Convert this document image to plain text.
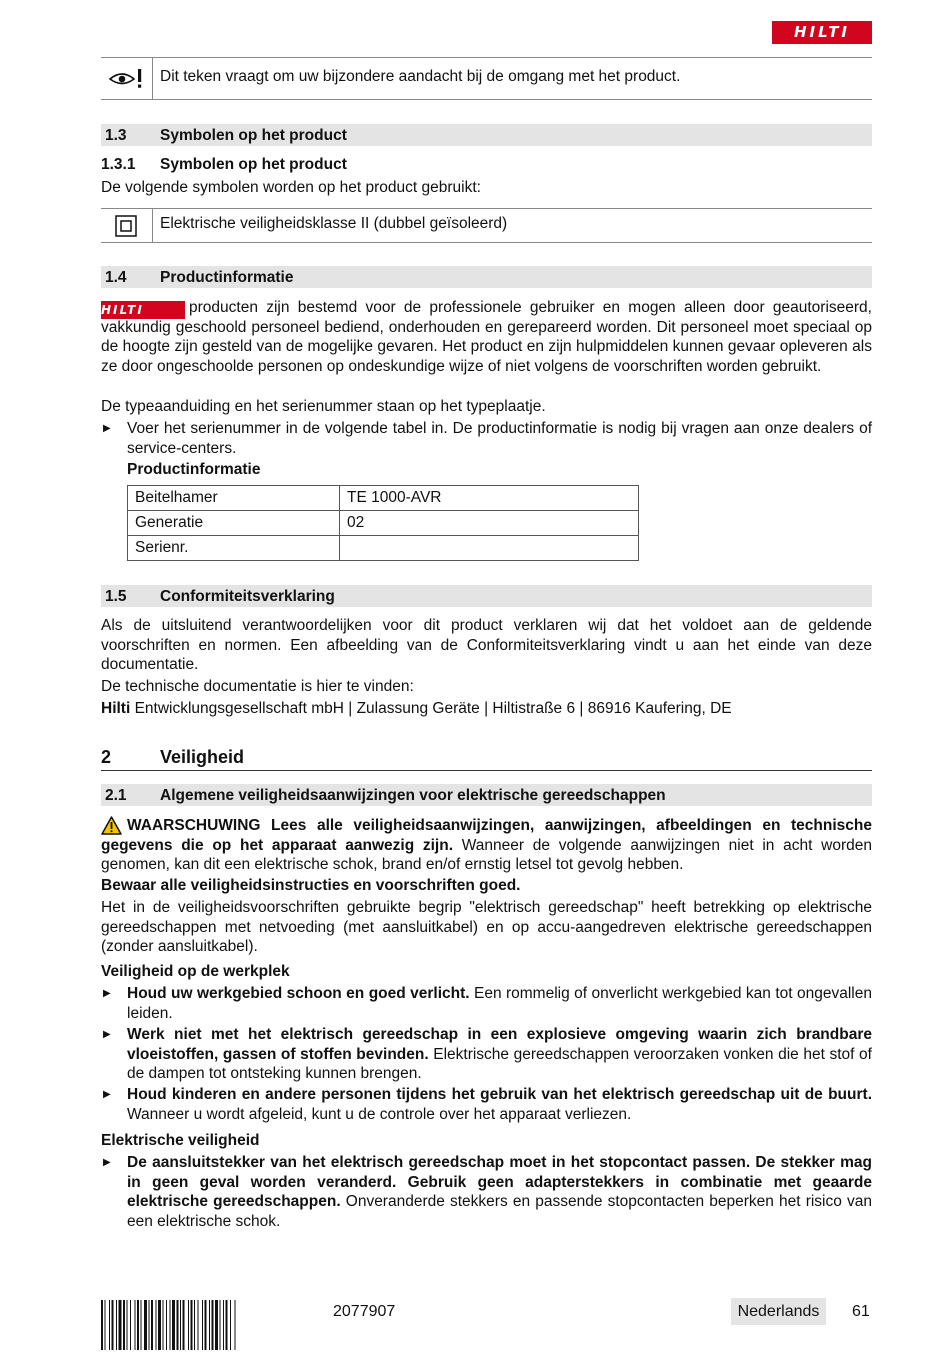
HILTI
Dit teken vraagt om uw bijzondere aandacht bij de omgang met het product.
1.3 Symbolen op het product
1.3.1 Symbolen op het product
De volgende symbolen worden op het product gebruikt:
Elektrische veiligheidsklasse II (dubbel geïsoleerd)
1.4 Productinformatie
HILTI	producten zijn bestemd voor de professionele gebruiker en mogen alleen door geautoriseerd, vakkundig geschoold personeel bediend, onderhouden en gerepareerd worden. Dit personeel moet speciaal op de hoogte zijn gesteld van de mogelijke gevaren. Het product en zijn hulpmiddelen kunnen gevaar opleveren als ze door ongeschoolde personen op ondeskundige wijze of niet volgens de voorschriften worden gebruikt.
De typeaanduiding en het serienummer staan op het typeplaatje.
▶ Voer het serienummer in de volgende tabel in. De productinformatie is nodig bij vragen aan onze dealers of service-centers.
Productinformatie
Beitelhamer	TE 1000-AVR
Generatie	02
Serienr.	
1.5 Conformiteitsverklaring
Als de uitsluitend verantwoordelijken voor dit product verklaren wij dat het voldoet aan de geldende voorschriften en normen. Een afbeelding van de Conformiteitsverklaring vindt u aan het einde van deze documentatie.
De technische documentatie is hier te vinden:
Hilti Entwicklungsgesellschaft mbH | Zulassung Geräte | Hiltistraße 6 | 86916 Kaufering, DE
2	Veiligheid
2.1 Algemene veiligheidsaanwijzingen voor elektrische gereedschappen
WAARSCHUWING Lees alle veiligheidsaanwijzingen, aanwijzingen, afbeeldingen en technische gegevens die op het apparaat aanwezig zijn. Wanneer de volgende aanwijzingen niet in acht worden genomen, kan dit een elektrische schok, brand en/of ernstig letsel tot gevolg hebben.
Bewaar alle veiligheidsinstructies en voorschriften goed.
Het in de veiligheidsvoorschriften gebruikte begrip "elektrisch gereedschap" heeft betrekking op elektrische gereedschappen met netvoeding (met aansluitkabel) en op accu-aangedreven elektrische gereedschappen (zonder aansluitkabel).
Veiligheid op de werkplek
▶ Houd uw werkgebied schoon en goed verlicht. Een rommelig of onverlicht werkgebied kan tot ongevallen leiden.
▶ Werk niet met het elektrisch gereedschap in een explosieve omgeving waarin zich brandbare vloeistoffen, gassen of stoffen bevinden. Elektrische gereedschappen veroorzaken vonken die het stof of de dampen tot ontsteking kunnen brengen.
▶ Houd kinderen en andere personen tijdens het gebruik van het elektrisch gereedschap uit de buurt. Wanneer u wordt afgeleid, kunt u de controle over het apparaat verliezen.
Elektrische veiligheid
▶ De aansluitstekker van het elektrisch gereedschap moet in het stopcontact passen. De stekker mag in geen geval worden veranderd. Gebruik geen adapterstekkers in combinatie met geaarde elektrische gereedschappen. Onveranderde stekkers en passende stopcontacten beperken het risico van een elektrische schok.
2077907	Nederlands	61
